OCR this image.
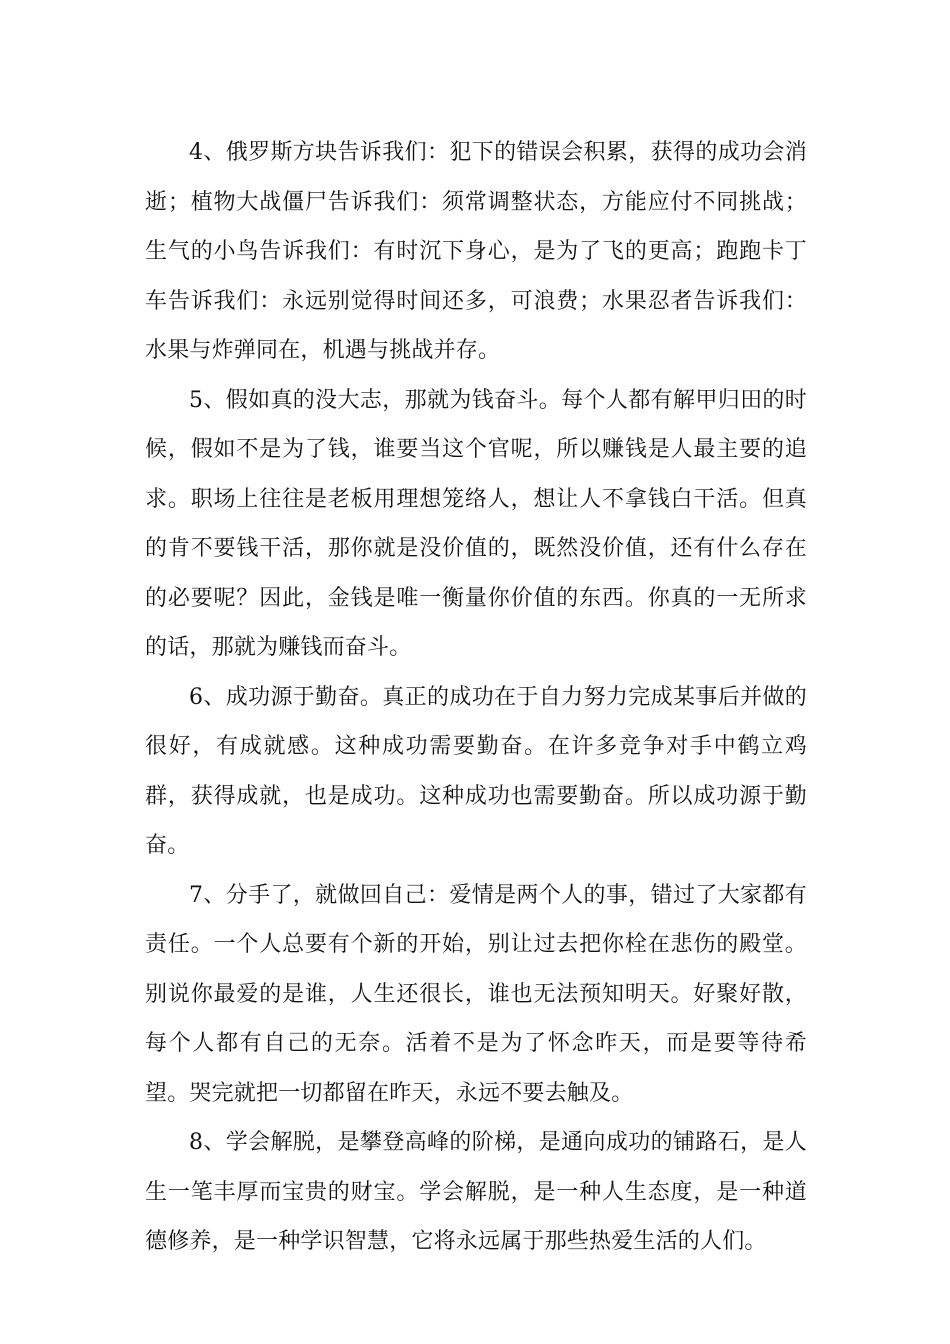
4、俄罗斯方块告诉我们：犯下的错误会积累，获得的成功会消逝；植物大战僵尸告诉我们：须常调整状态，方能应付不同挑战；生气的小鸟告诉我们：有时沉下身心，是为了飞的更高；跑跑卡丁车告诉我们：永远别觉得时间还多，可浪费；水果忍者告诉我们：水果与炸弹同在，机遇与挑战并存。

5、假如真的没大志，那就为钱奋斗。每个人都有解甲归田的时候，假如不是为了钱，谁要当这个官呢，所以赚钱是人最主要的追求。职场上往往是老板用理想笼络人，想让人不拿钱白干活。但真的肯不要钱干活，那你就是没价值的，既然没价值，还有什么存在的必要呢？因此，金钱是唯一衡量你价值的东西。你真的一无所求的话，那就为赚钱而奋斗。

6、成功源于勤奋。真正的成功在于自力努力完成某事后并做的很好，有成就感。这种成功需要勤奋。在许多竞争对手中鹤立鸡群，获得成就，也是成功。这种成功也需要勤奋。所以成功源于勤奋。

7、分手了，就做回自己：爱情是两个人的事，错过了大家都有责任。一个人总要有个新的开始，别让过去把你栓在悲伤的殿堂。别说你最爱的是谁，人生还很长，谁也无法预知明天。好聚好散，每个人都有自己的无奈。活着不是为了怀念昨天，而是要等待希望。哭完就把一切都留在昨天，永远不要去触及。

8、学会解脱，是攀登高峰的阶梯，是通向成功的铺路石，是人生一笔丰厚而宝贵的财宝。学会解脱，是一种人生态度，是一种道德修养，是一种学识智慧，它将永远属于那些热爱生活的人们。
